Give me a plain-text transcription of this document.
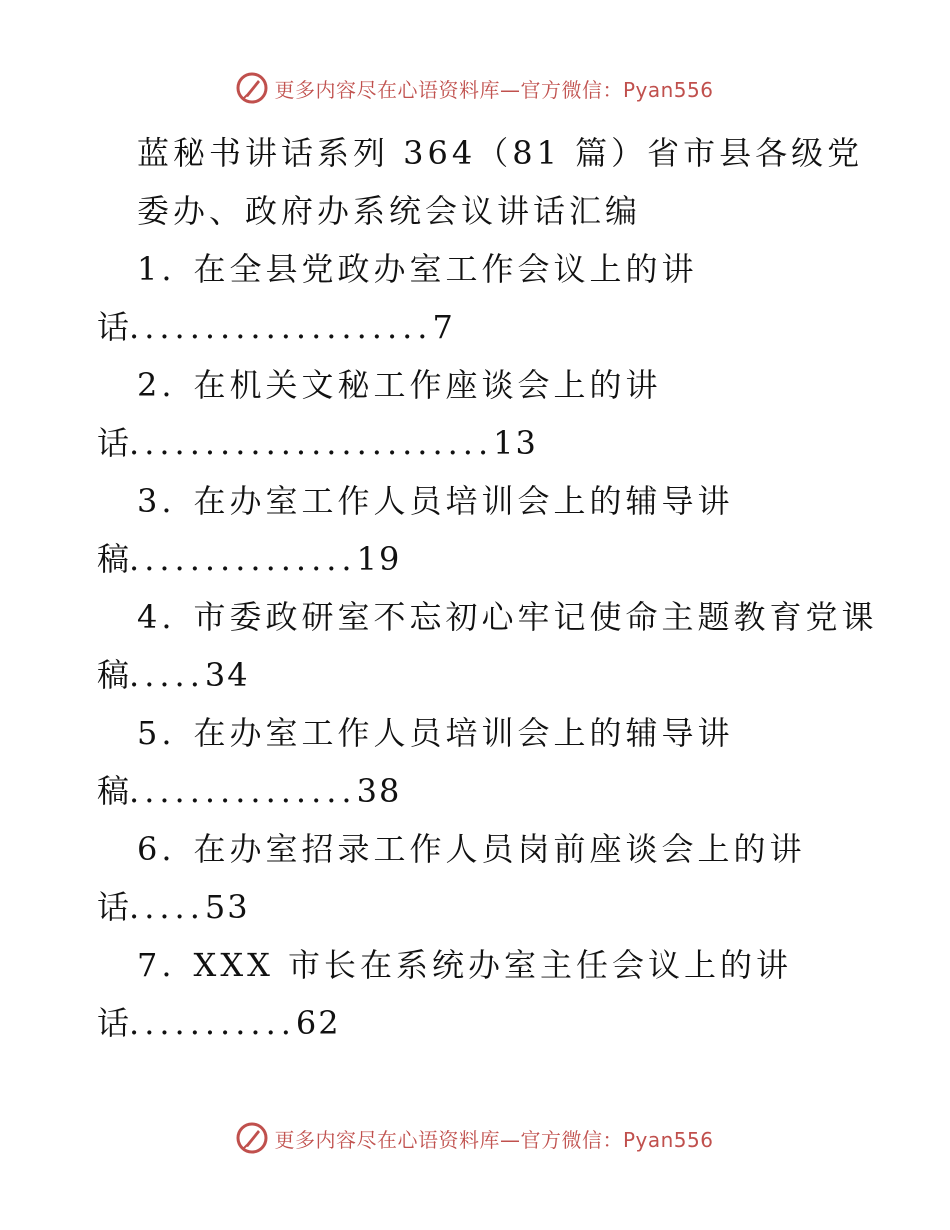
更多内容尽在心语资料库—官方微信：Pyan556
蓝秘书讲话系列 364（81 篇）省市县各级党
委办、政府办系统会议讲话汇编
1. 在全县党政办室工作会议上的讲
话....................7
2. 在机关文秘工作座谈会上的讲
话........................13
3. 在办室工作人员培训会上的辅导讲
稿...............19
4. 市委政研室不忘初心牢记使命主题教育党课
稿.....34
5. 在办室工作人员培训会上的辅导讲
稿...............38
6. 在办室招录工作人员岗前座谈会上的讲
话.....53
7. XXX 市长在系统办室主任会议上的讲
话...........62
更多内容尽在心语资料库—官方微信：Pyan556
